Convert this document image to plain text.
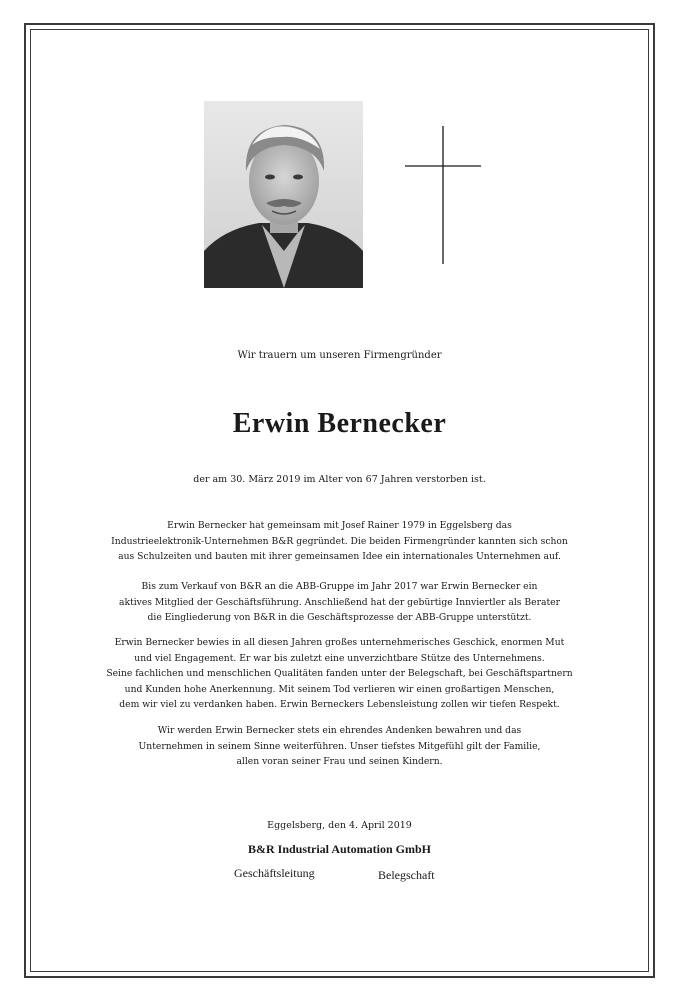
Wir trauern um unseren Firmengründer
Erwin Bernecker
der am 30. März 2019 im Alter von 67 Jahren verstorben ist.
Erwin Bernecker hat gemeinsam mit Josef Rainer 1979 in Eggelsberg das
Industrieelektronik-Unternehmen B&R gegründet. Die beiden Firmengründer kannten sich schon
aus Schulzeiten und bauten mit ihrer gemeinsamen Idee ein internationales Unternehmen auf.
Bis zum Verkauf von B&R an die ABB-Gruppe im Jahr 2017 war Erwin Bernecker ein
aktives Mitglied der Geschäftsführung. Anschließend hat der gebürtige Innviertler als Berater
die Eingliederung von B&R in die Geschäftsprozesse der ABB-Gruppe unterstützt.
Erwin Bernecker bewies in all diesen Jahren großes unternehmerisches Geschick, enormen Mut
und viel Engagement. Er war bis zuletzt eine unverzichtbare Stütze des Unternehmens.
Seine fachlichen und menschlichen Qualitäten fanden unter der Belegschaft, bei Geschäftspartnern
und Kunden hohe Anerkennung. Mit seinem Tod verlieren wir einen großartigen Menschen,
dem wir viel zu verdanken haben. Erwin Berneckers Lebensleistung zollen wir tiefen Respekt.
Wir werden Erwin Bernecker stets ein ehrendes Andenken bewahren und das
Unternehmen in seinem Sinne weiterführen. Unser tiefstes Mitgefühl gilt der Familie,
allen voran seiner Frau und seinen Kindern.
Eggelsberg, den 4. April 2019
B&R Industrial Automation GmbH
Geschäftsleitung	Belegschaft
